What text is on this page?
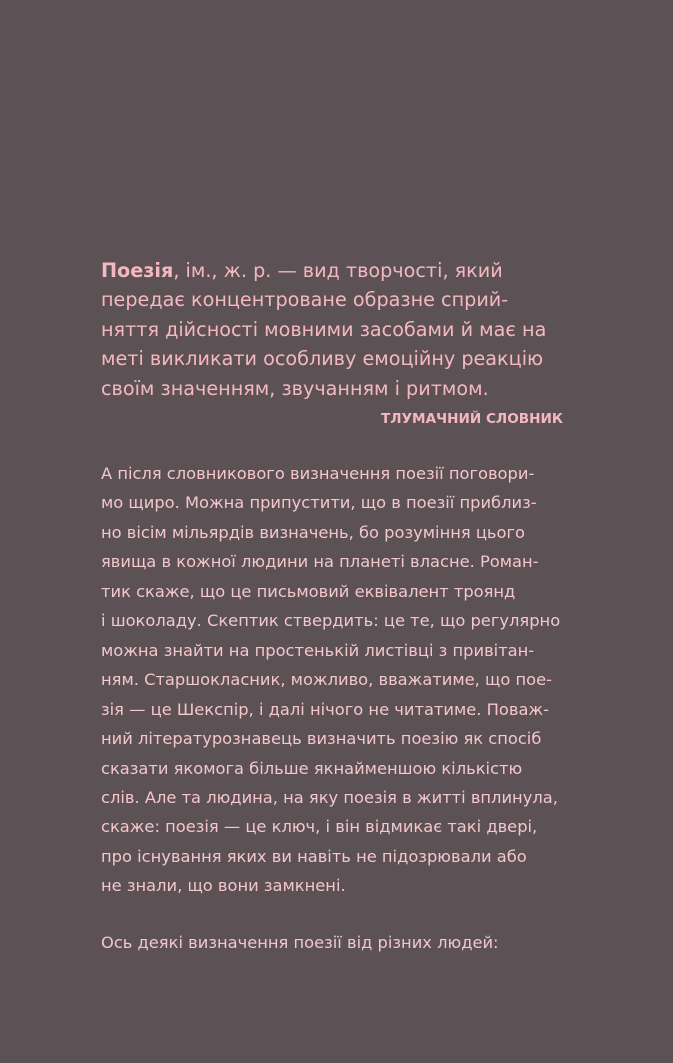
Поезія, ім., ж. р. — вид творчості, який
передає концентроване образне сприй-
няття дійсності мовними засобами й має на
меті викликати особливу емоційну реакцію
своїм значенням, звучанням і ритмом.

ТЛУМАЧНИЙ СЛОВНИК

А після словникового визначення поезії поговори-
мо щиро. Можна припустити, що в поезії приблиз-
но вісім мільярдів визначень, бо розуміння цього
явища в кожної людини на планеті власне. Роман-
тик скаже, що це письмовий еквівалент троянд
і шоколаду. Скептик ствердить: це те, що регулярно
можна знайти на простенькій листівці з привітан-
ням. Старшокласник, можливо, вважатиме, що пое-
зія — це Шекспір, і далі нічого не читатиме. Поваж-
ний літературознавець визначить поезію як спосіб
сказати якомога більше якнайменшою кількістю
слів. Але та людина, на яку поезія в житті вплинула,
скаже: поезія — це ключ, і він відмикає такі двері,
про існування яких ви навіть не підозрювали або
не знали, що вони замкнені.

Ось деякі визначення поезії від різних людей:
